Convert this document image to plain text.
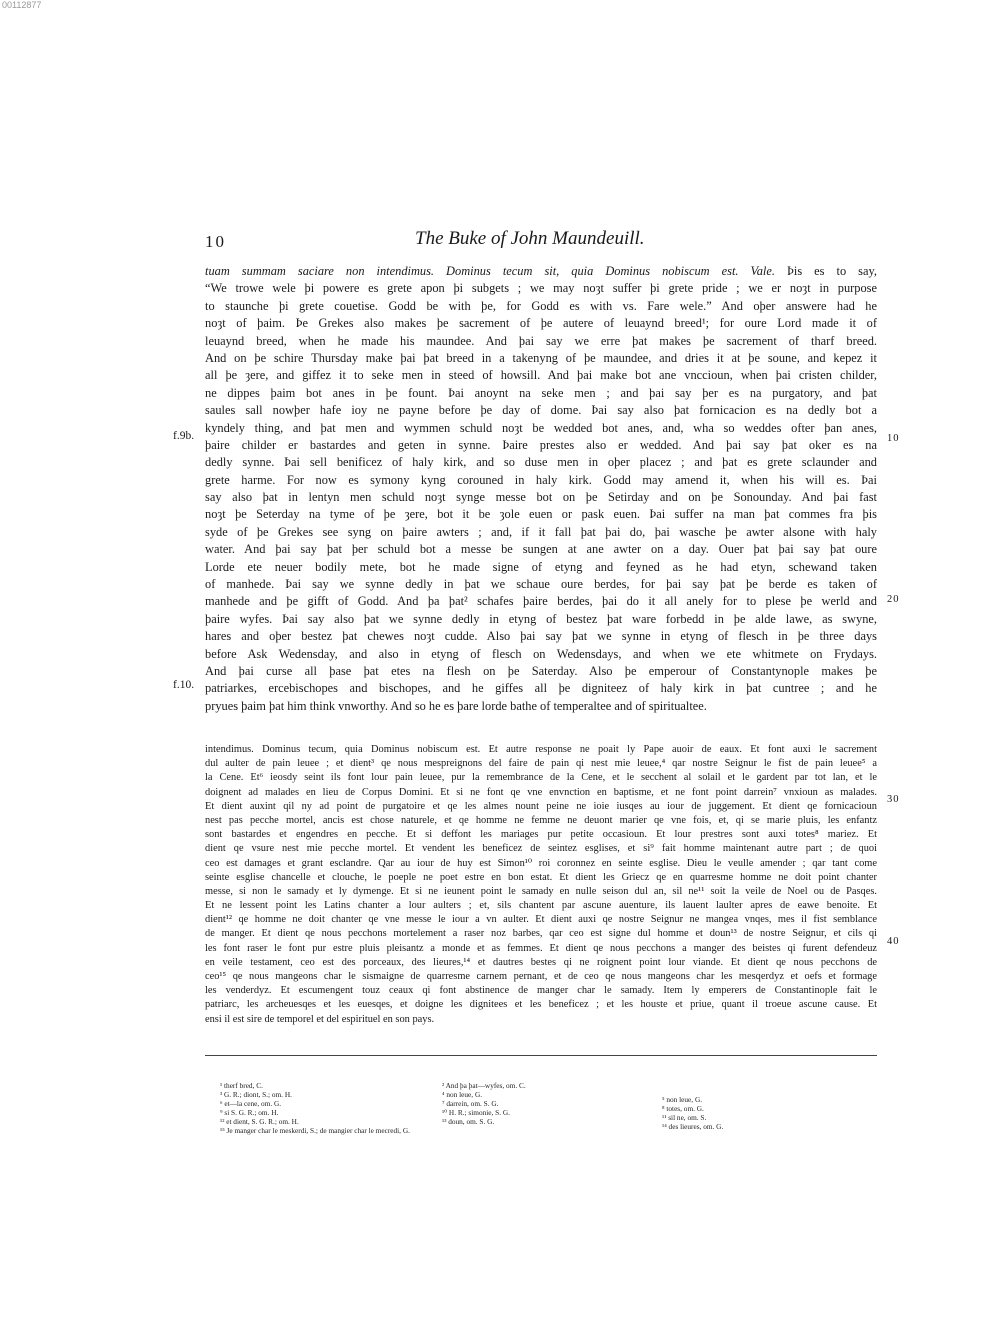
00112877
10	The Buke of John Maundeuill.
tuam summam saciare non intendimus. Dominus tecum sit, quia Dominus nobiscum est. Vale. Þis es to say,
“We trowe wele þi powere es grete apon þi subgets ; we may noȝt suffer þi grete pride ; we er noȝt in purpose
to staunche þi grete couetise. Godd be with þe, for Godd es with vs. Fare wele.” And oþer answere had he
noȝt of þaim. Þe Grekes also makes þe sacrement of þe autere of leuaynd breed¹; for oure Lord made it of
leuaynd breed, when he made his maundee. And þai say we erre þat makes þe sacrement of tharf breed.
And on þe schire Thursday make þai þat breed in a takenyng of þe maundee, and dries it at þe soune, and kepez it
all þe ȝere, and giffez it to seke men in steed of howsill. And þai make bot ane vnccioun, when þai cristen childer,
ne dippes þaim bot anes in þe fount. Þai anoynt na seke men ; and þai say þer es na purgatory, and þat
saules sall nowþer hafe ioy ne payne before þe day of dome. Þai say also þat fornicacion es na dedly bot a
kyndely thing, and þat men and wymmen schuld noȝt be wedded bot anes, and, wha so weddes ofter þan anes,
þaire childer er bastardes and geten in synne. Þaire prestes also er wedded. And þai say þat oker es na
dedly synne. Þai sell benificez of haly kirk, and so duse men in oþer placez ; and þat es grete sclaunder and
grete harme. For now es symony kyng corouned in haly kirk. Godd may amend it, when his will es. Þai
say also þat in lentyn men schuld noȝt synge messe bot on þe Setirday and on þe Sonounday. And þai fast
noȝt þe Seterday na tyme of þe ȝere, bot it be ȝole euen or pask euen. Þai suffer na man þat commes fra þis
syde of þe Grekes see syng on þaire awters ; and, if it fall þat þai do, þai wasche þe awter alsone with haly
water. And þai say þat þer schuld bot a messe be sungen at ane awter on a day. Ouer þat þai say þat oure
Lorde ete neuer bodily mete, bot he made signe of etyng and feyned as he had etyn, schewand taken
of manhede. Þai say we synne dedly in þat we schaue oure berdes, for þai say þat þe berde es taken of
manhede and þe gifft of Godd. And þa þat² schafes þaire berdes, þai do it all anely for to plese þe werld and
þaire wyfes. Þai say also þat we synne dedly in etyng of bestez þat ware forbedd in þe alde lawe, as swyne,
hares and oþer bestez þat chewes noȝt cudde. Also þai say þat we synne in etyng of flesch in þe three days
before Ask Wedensday, and also in etyng of flesch on Wedensdays, and when we ete whitmete on Frydays.
And þai curse all þase þat etes na flesh on þe Saterday. Also þe emperour of Constantynople makes þe
patriarkes, ercebischopes and bischopes, and he giffes all þe digniteez of haly kirk in þat cuntree ; and he
pryues þaim þat him think vnworthy. And so he es þare lorde bathe of temperaltee and of spiritualtee.
f.9b.
f.10.
10
20
intendimus. Dominus tecum, quia Dominus nobiscum est. Et autre response ne poait ly Pape auoir de eaux. Et font auxi le sacrement
dul aulter de pain leuee ; et dient³ qe nous mespreignons del faire de pain qi nest mie leuee,⁴ qar nostre Seignur le fist de pain leuee⁵ a
la Cene. Et⁶ ieosdy seint ils font lour pain leuee, pur la remembrance de la Cene, et le secchent al solail et le gardent par tot lan, et le
doignent ad malades en lieu de Corpus Domini. Et si ne font qe vne envnction en baptisme, et ne font point darrein⁷ vnxioun as malades.
Et dient auxint qil ny ad point de purgatoire et qe les almes nount peine ne ioie iusqes au iour de juggement. Et dient qe fornicacioun
nest pas pecche mortel, ancis est chose naturele, et qe homme ne femme ne deuont marier qe vne fois, et, qi se marie pluis, les enfantz
sont bastardes et engendres en pecche. Et si deffont les mariages pur petite occasioun. Et lour prestres sont auxi totes⁸ mariez. Et
dient qe vsure nest mie pecche mortel. Et vendent les beneficez de seintez esglises, et si⁹ fait homme maintenant autre part ; de quoi
ceo est damages et grant esclandre. Qar au iour de huy est Simon¹⁰ roi coronnez en seinte esglise. Dieu le veulle amender ; qar tant come
seinte esglise chancelle et clouche, le poeple ne poet estre en bon estat. Et dient les Griecz qe en quarresme homme ne doit point chanter
messe, si non le samady et ly dymenge. Et si ne ieunent point le samady en nulle seison dul an, sil ne¹¹ soit la veile de Noel ou de Pasqes.
Et ne lessent point les Latins chanter a lour aulters ; et, sils chantent par ascune auenture, ils lauent laulter apres de eawe benoite. Et
dient¹² qe homme ne doit chanter qe vne messe le iour a vn aulter. Et dient auxi qe nostre Seignur ne mangea vnqes, mes il fist semblance
de manger. Et dient qe nous pecchons mortelement a raser noz barbes, qar ceo est signe dul homme et doun¹³ de nostre Seignur, et cils qi
les font raser le font pur estre pluis pleisantz a monde et as femmes. Et dient qe nous pecchons a manger des beistes qi furent defendeuz
en veile testament, ceo est des porceaux, des lieures,¹⁴ et dautres bestes qi ne roignent point lour viande. Et dient qe nous pecchons de
ceo¹⁵ qe nous mangeons char le sismaigne de quarresme carnem pernant, et de ceo qe nous mangeons char les mesqerdyz et oefs et formage
les venderdyz. Et escumengent touz ceaux qi font abstinence de manger char le samady. Item ly emperers de Constantinople fait le
patriarc, les archeuesqes et les euesqes, et doigne les dignitees et les beneficez ; et les houste et priue, quant il troeue ascune cause. Et
ensi il est sire de temporel et del espirituel en son pays.
30
40
¹ therf bred, C.
³ G. R.; diont, S.; om. H.
⁶ et—la cene, om. G.
⁹ si S. G. R.; om. H.
¹² et dient, S. G. R.; om. H.
¹⁵ Je manger char le meskerdi, S.; de mangier char le mecredi, G.
² And þa þat—wyfes, om. C.
⁴ non leue, G.
⁷ darrein, om. S. G.
¹⁰ H. R.; simonie, S. G.
¹³ doun, om. S. G.
⁵ non leue, G.
⁸ totes, om. G.
¹¹ sil ne, om. S.
¹⁴ des lieures, om. G.
